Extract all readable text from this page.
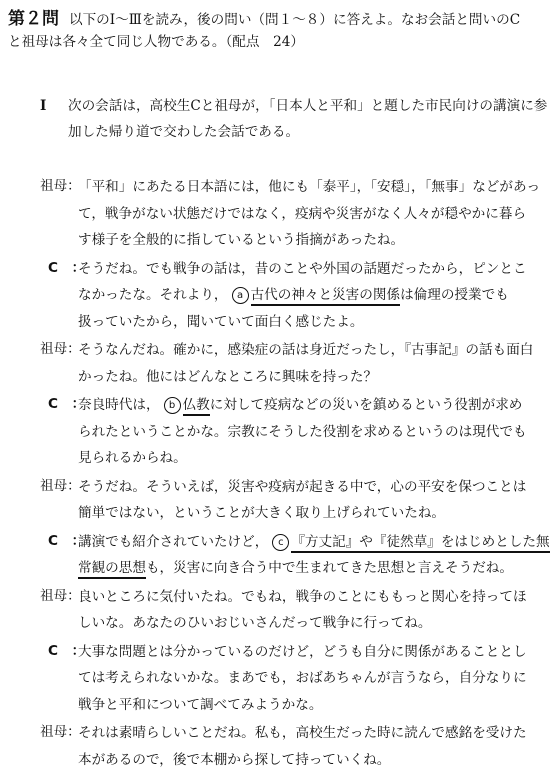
第２問 以下のⅠ～Ⅲを読み，後の問い（問１～８）に答えよ。なお会話と問いのC
と祖母は各々全て同じ人物である。（配点　24）
Ⅰ 次の会話は，高校生Cと祖母が，「日本人と平和」と題した市民向けの講演に参
加した帰り道で交わした会話である。
祖母：
「平和」にあたる日本語には，他にも「泰平」，「安穏」，「無事」などがあっ
て，戦争がない状態だけではなく，疫病や災害がなく人々が穏やかに暮ら
す様子を全般的に指しているという指摘があったね。
C　：
そうだね。でも戦争の話は，昔のことや外国の話題だったから，ピンとこ
なかったな。それより， a 古代の神々と災害の関係は倫理の授業でも
扱っていたから，聞いていて面白く感じたよ。
祖母：
そうなんだね。確かに，感染症の話は身近だったし，『古事記』の話も面白
かったね。他にはどんなところに興味を持った？
C　：
奈良時代は， b 仏教に対して疫病などの災いを鎮めるという役割が求め
られたということかな。宗教にそうした役割を求めるというのは現代でも
見られるからね。
祖母：
そうだね。そういえば，災害や疫病が起きる中で，心の平安を保つことは
簡単ではない，ということが大きく取り上げられていたね。
C　：
講演でも紹介されていたけど， c 『方丈記』や『徒然草』をはじめとした無
常観の思想も，災害に向き合う中で生まれてきた思想と言えそうだね。
祖母：
良いところに気付いたね。でもね，戦争のことにももっと関心を持ってほ
しいな。あなたのひいおじいさんだって戦争に行ってね。
C　：
大事な問題とは分かっているのだけど，どうも自分に関係があることとし
ては考えられないかな。まあでも，おばあちゃんが言うなら，自分なりに
戦争と平和について調べてみようかな。
祖母：
それは素晴らしいことだね。私も，高校生だった時に読んで感銘を受けた
本があるので，後で本棚から探して持っていくね。
